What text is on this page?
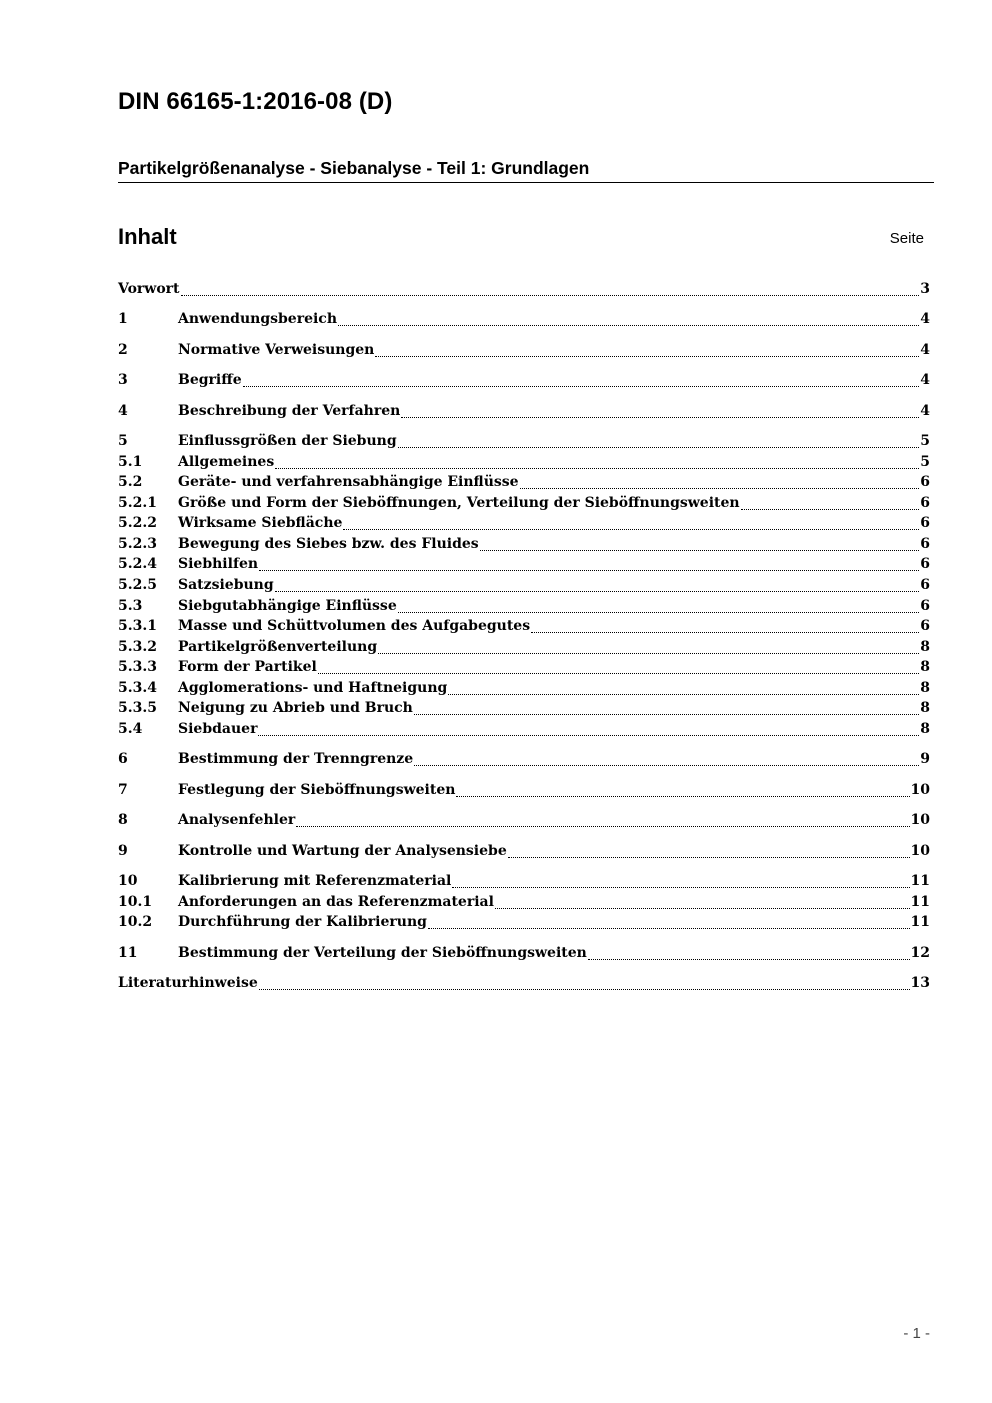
DIN 66165-1:2016-08 (D)
Partikelgrößenanalyse - Siebanalyse - Teil 1: Grundlagen
Inhalt	Seite
Vorwort	3
1	Anwendungsbereich	4
2	Normative Verweisungen	4
3	Begriffe	4
4	Beschreibung der Verfahren	4
5	Einflussgrößen der Siebung	5
5.1	Allgemeines	5
5.2	Geräte- und verfahrensabhängige Einflüsse	6
5.2.1	Größe und Form der Sieböffnungen, Verteilung der Sieböffnungsweiten	6
5.2.2	Wirksame Siebfläche	6
5.2.3	Bewegung des Siebes bzw. des Fluides	6
5.2.4	Siebhilfen	6
5.2.5	Satzsiebung	6
5.3	Siebgutabhängige Einflüsse	6
5.3.1	Masse und Schüttvolumen des Aufgabegutes	6
5.3.2	Partikelgrößenverteilung	8
5.3.3	Form der Partikel	8
5.3.4	Agglomerations- und Haftneigung	8
5.3.5	Neigung zu Abrieb und Bruch	8
5.4	Siebdauer	8
6	Bestimmung der Trenngrenze	9
7	Festlegung der Sieböffnungsweiten	10
8	Analysenfehler	10
9	Kontrolle und Wartung der Analysensiebe	10
10	Kalibrierung mit Referenzmaterial	11
10.1	Anforderungen an das Referenzmaterial	11
10.2	Durchführung der Kalibrierung	11
11	Bestimmung der Verteilung der Sieböffnungsweiten	12
Literaturhinweise	13
- 1 -
